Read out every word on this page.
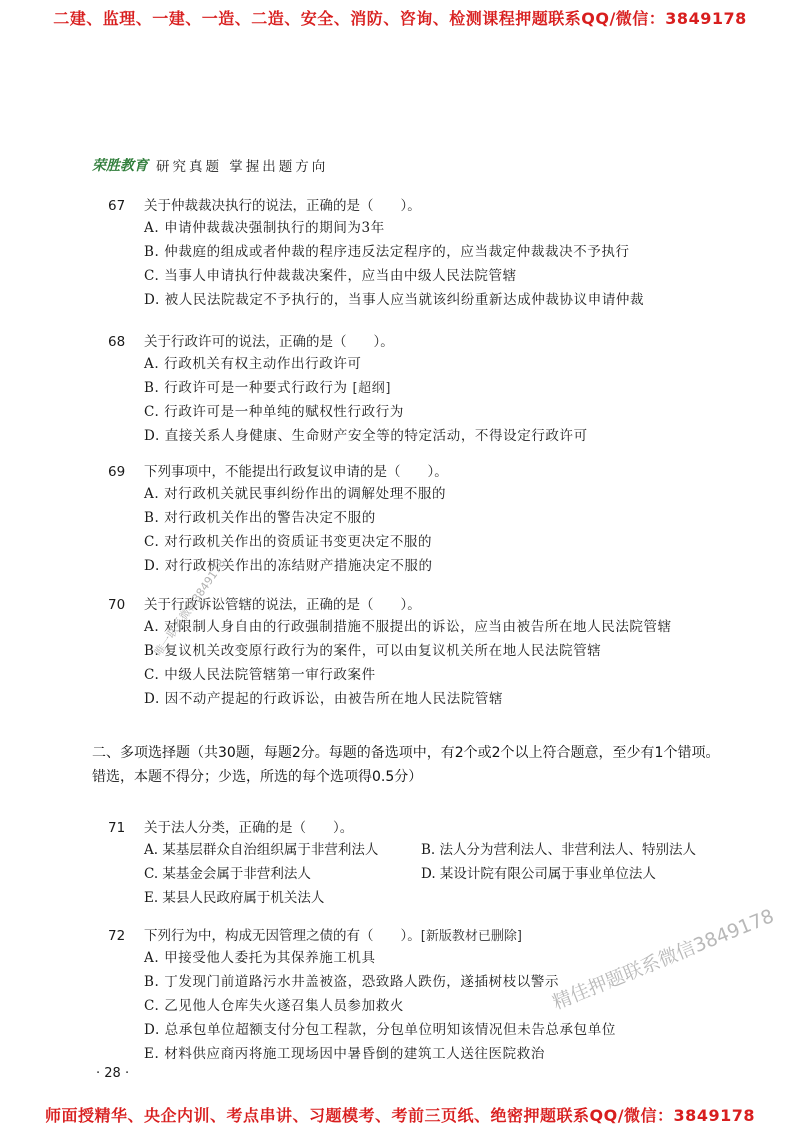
二建、监理、一建、一造、二造、安全、消防、咨询、检测课程押题联系QQ/微信：3849178
荣胜教育 研究真题 掌握出题方向
67	关于仲裁裁决执行的说法，正确的是（　　）。
A. 申请仲裁裁决强制执行的期间为3年
B. 仲裁庭的组成或者仲裁的程序违反法定程序的，应当裁定仲裁裁决不予执行
C. 当事人申请执行仲裁裁决案件，应当由中级人民法院管辖
D. 被人民法院裁定不予执行的，当事人应当就该纠纷重新达成仲裁协议申请仲裁
68	关于行政许可的说法，正确的是（　　）。
A. 行政机关有权主动作出行政许可
B. 行政许可是一种要式行政行为 [超纲]
C. 行政许可是一种单纯的赋权性行政行为
D. 直接关系人身健康、生命财产安全等的特定活动，不得设定行政许可
69	下列事项中，不能提出行政复议申请的是（　　）。
A. 对行政机关就民事纠纷作出的调解处理不服的
B. 对行政机关作出的警告决定不服的
C. 对行政机关作出的资质证书变更决定不服的
D. 对行政机关作出的冻结财产措施决定不服的
70	关于行政诉讼管辖的说法，正确的是（　　）。
A. 对限制人身自由的行政强制措施不服提出的诉讼，应当由被告所在地人民法院管辖
B. 复议机关改变原行政行为的案件，可以由复议机关所在地人民法院管辖
C. 中级人民法院管辖第一审行政案件
D. 因不动产提起的行政诉讼，由被告所在地人民法院管辖
二、多项选择题（共30题，每题2分。每题的备选项中，有2个或2个以上符合题意，至少有1个错项。错选，本题不得分；少选，所选的每个选项得0.5分）
71	关于法人分类，正确的是（　　）。
A. 某基层群众自治组织属于非营利法人	B. 法人分为营利法人、非营利法人、特别法人
C. 某基金会属于非营利法人	D. 某设计院有限公司属于事业单位法人
E. 某县人民政府属于机关法人
72	下列行为中，构成无因管理之债的有（　　）。 [新版教材已删除]
A. 甲接受他人委托为其保养施工机具
B. 丁发现门前道路污水井盖被盗，恐致路人跌伤，遂插树枝以警示
C. 乙见他人仓库失火遂召集人员参加救火
D. 总承包单位超额支付分包工程款，分包单位明知该情况但未告总承包单位
E. 材料供应商丙将施工现场因中暑昏倒的建筑工人送往医院救治
唯一联系微信3849178
精佳押题联系微信3849178
· 28 ·
师面授精华、央企内训、考点串讲、习题模考、考前三页纸、绝密押题联系QQ/微信：3849178
